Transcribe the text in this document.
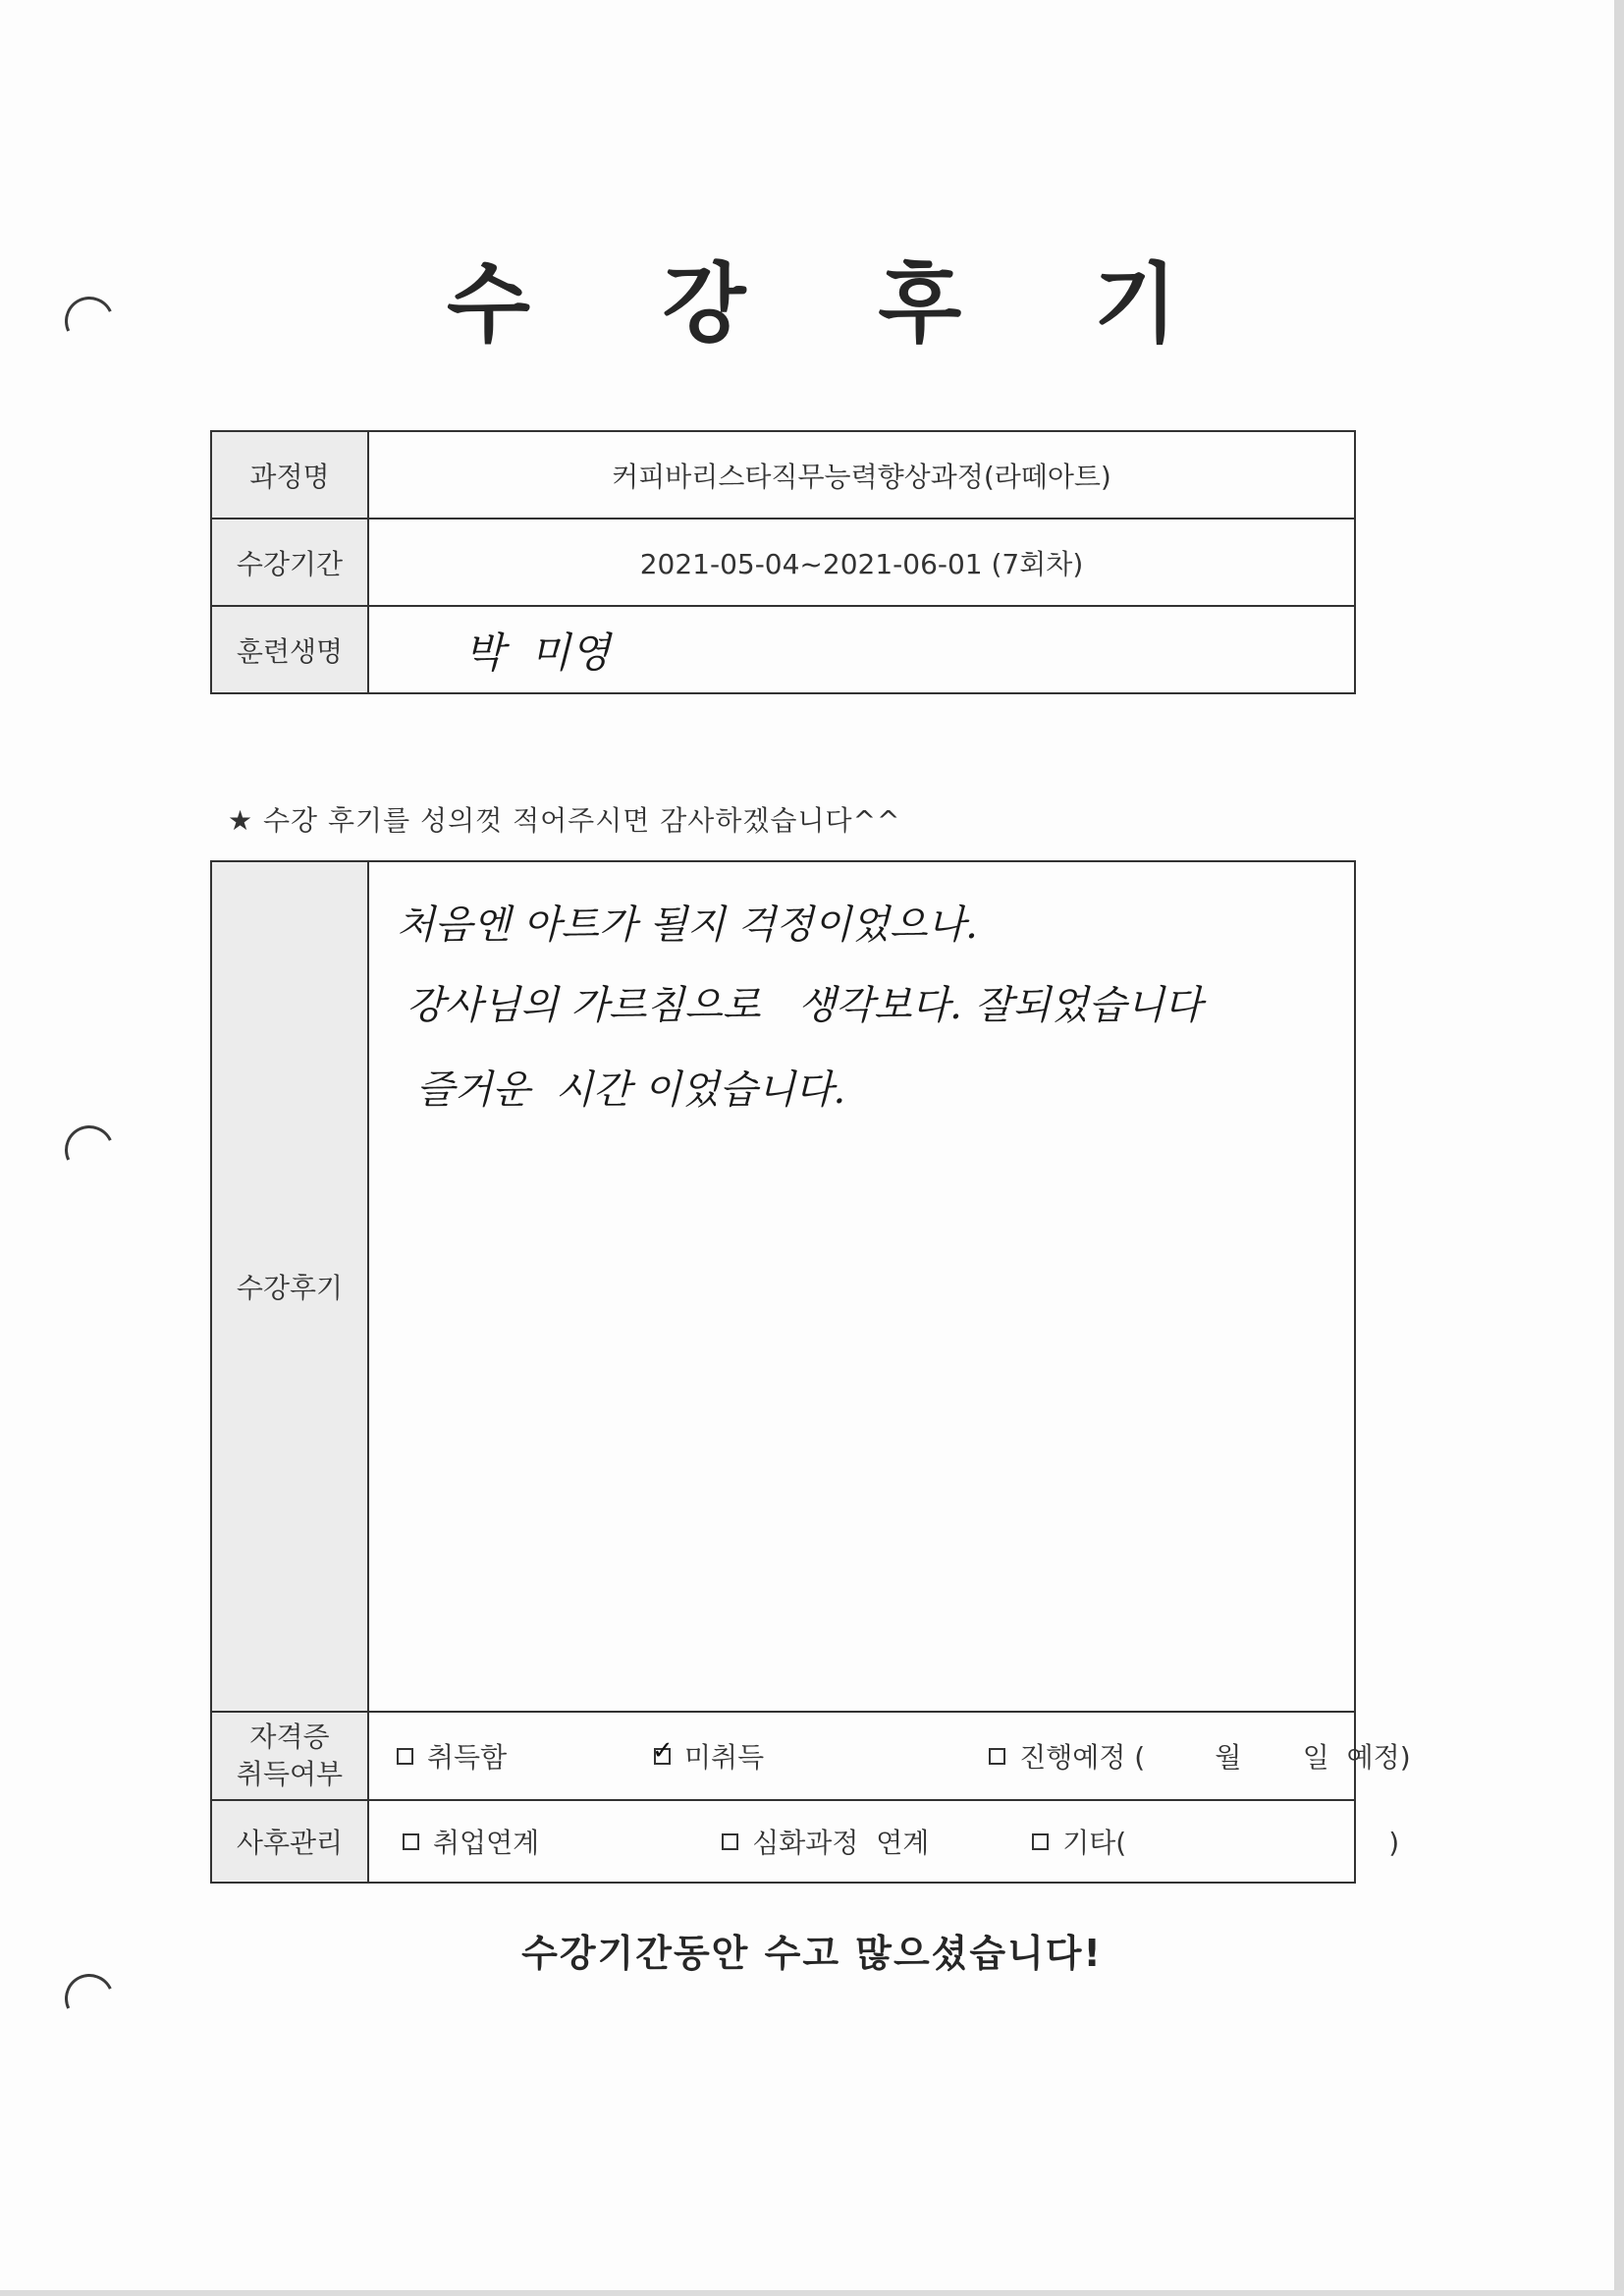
수 강 후 기
과정명	커피바리스타직무능력향상과정(라떼아트)
수강기간	2021-05-04~2021-06-01 (7회차)
훈련생명	박  미영
★ 수강 후기를 성의껏 적어주시면 감사하겠습니다^^
수강후기	처음엔 아트가 될지 걱정이었으나.
강사님의 가르침으로   생각보다. 잘되었습니다
즐거운  시간 이었습니다.

자격증
취득여부	취득함 ✓ 미취득 진행예정 (        월       일  예정)

사후관리	취업연계 심화과정  연계
기타(                              )

수강기간동안 수고 많으셨습니다!
